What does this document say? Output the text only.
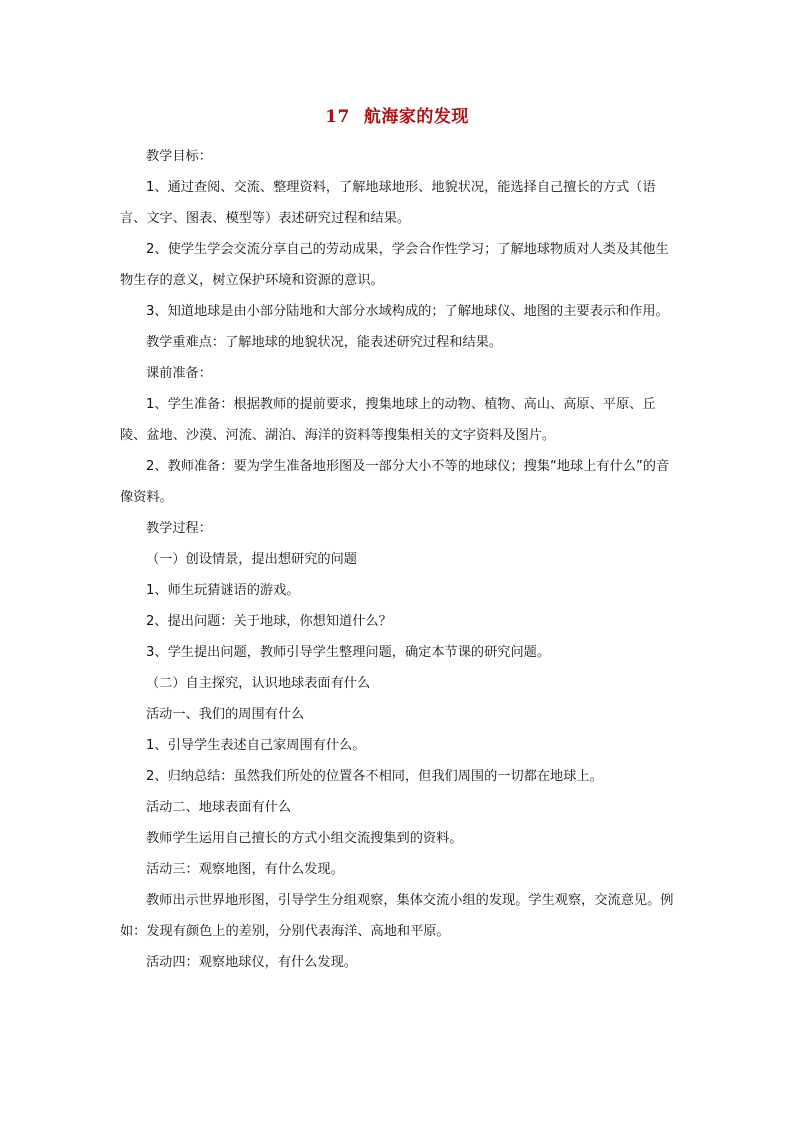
17 航海家的发现

教学目标：

1、通过查阅、交流、整理资料，了解地球地形、地貌状况，能选择自己擅长的方式（语言、文字、图表、模型等）表述研究过程和结果。

2、使学生学会交流分享自己的劳动成果，学会合作性学习；了解地球物质对人类及其他生物生存的意义，树立保护环境和资源的意识。

3、知道地球是由小部分陆地和大部分水域构成的；了解地球仪、地图的主要表示和作用。

教学重难点：了解地球的地貌状况，能表述研究过程和结果。

课前准备：

1、学生准备：根据教师的提前要求，搜集地球上的动物、植物、高山、高原、平原、丘陵、盆地、沙漠、河流、湖泊、海洋的资料等搜集相关的文字资料及图片。

2、教师准备：要为学生准备地形图及一部分大小不等的地球仪；搜集“地球上有什么”的音像资料。

教学过程：

（一）创设情景，提出想研究的问题

1、师生玩猜谜语的游戏。

2、提出问题：关于地球，你想知道什么？

3、学生提出问题，教师引导学生整理问题，确定本节课的研究问题。

（二）自主探究，认识地球表面有什么

活动一、我们的周围有什么

1、引导学生表述自己家周围有什么。

2、归纳总结：虽然我们所处的位置各不相同，但我们周围的一切都在地球上。

活动二、地球表面有什么

教师学生运用自己擅长的方式小组交流搜集到的资料。

活动三：观察地图，有什么发现。

教师出示世界地形图，引导学生分组观察，集体交流小组的发现。学生观察，交流意见。例如：发现有颜色上的差别，分别代表海洋、高地和平原。

活动四：观察地球仪，有什么发现。
